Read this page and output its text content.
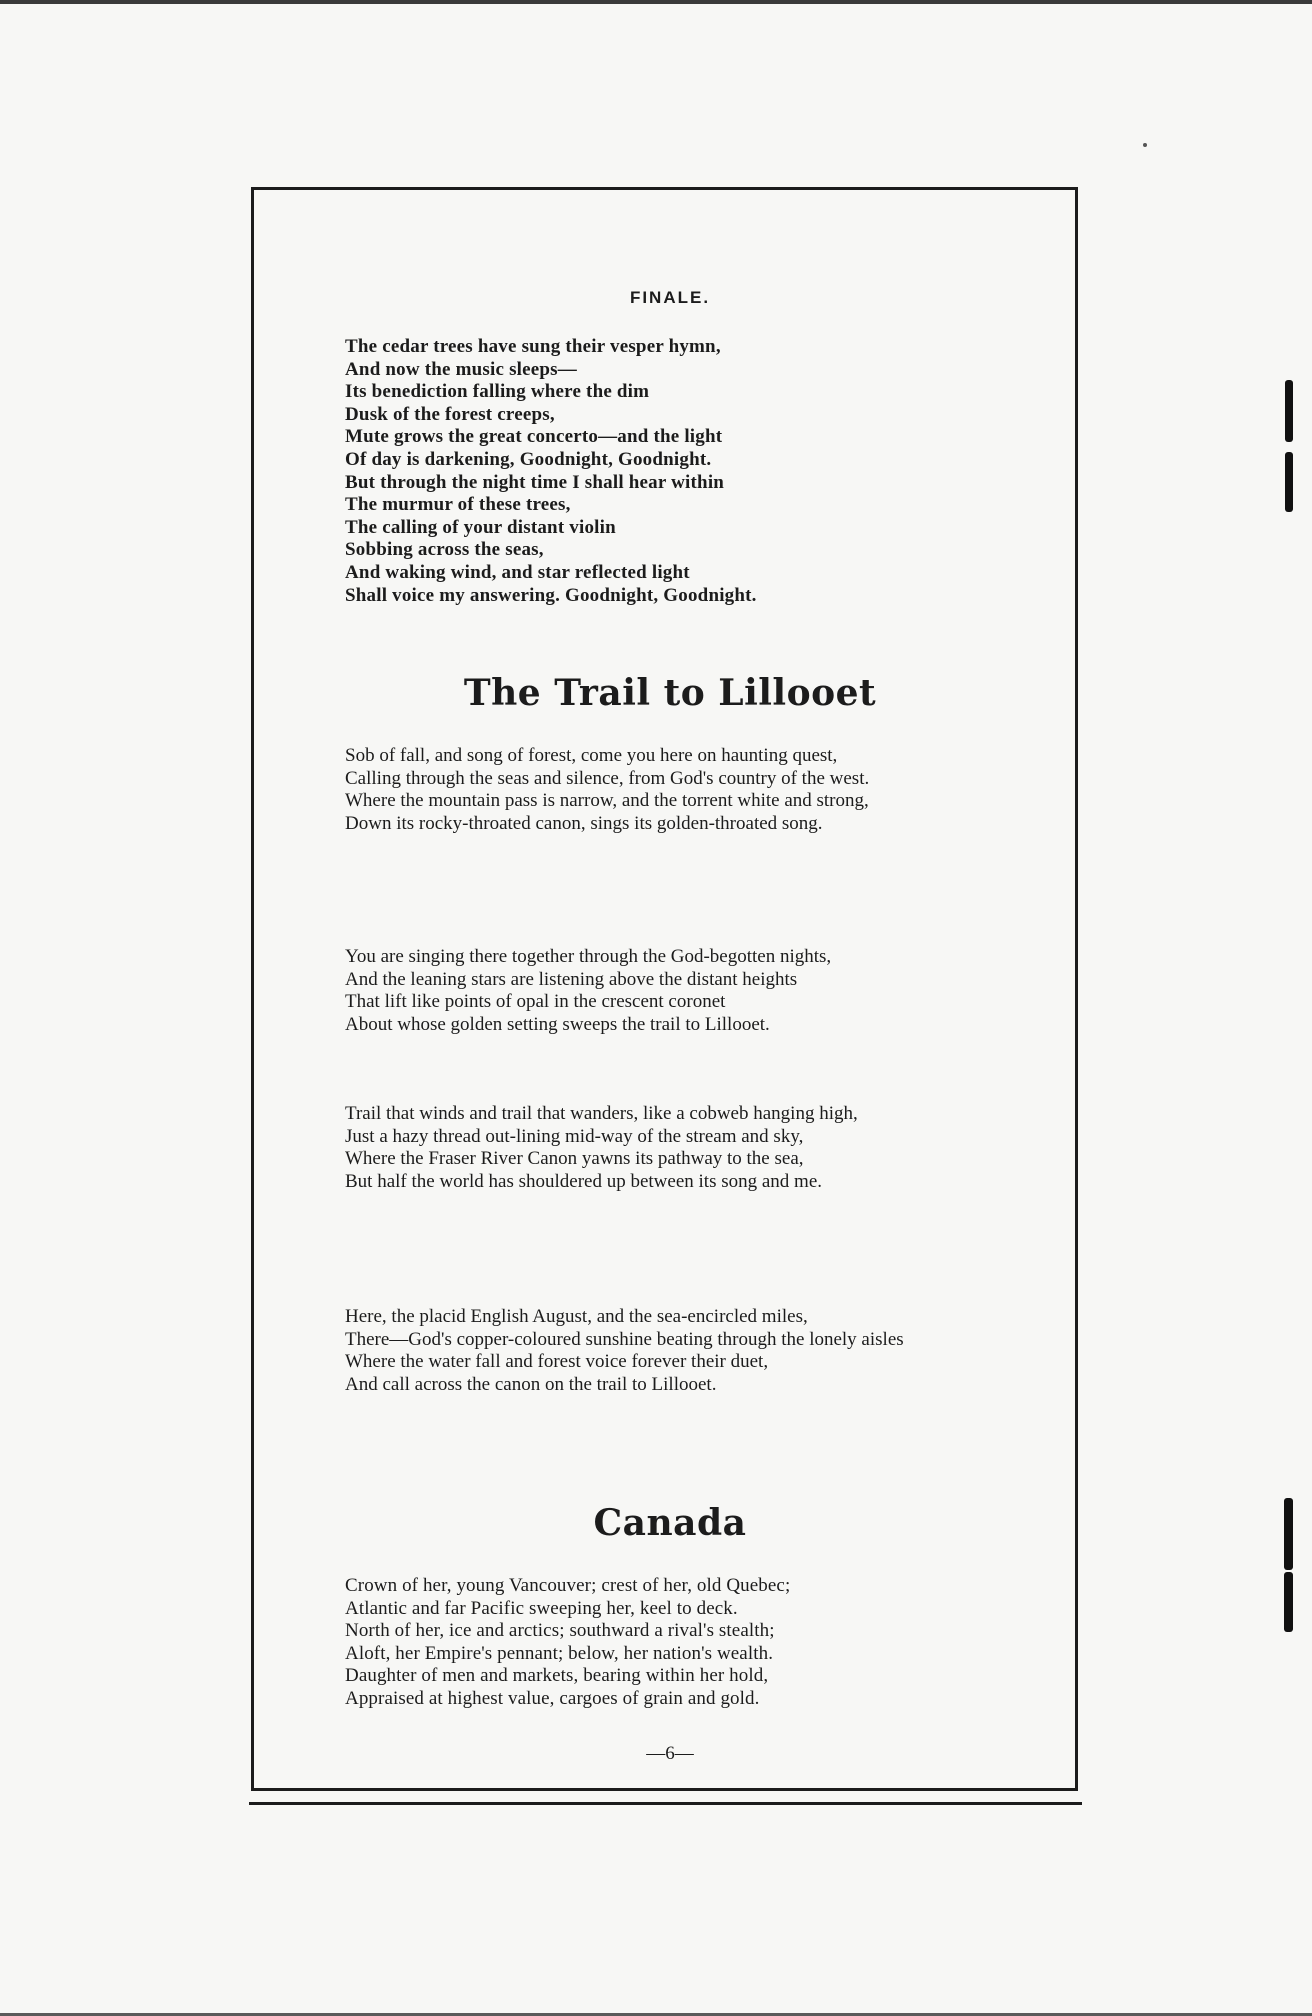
FINALE.
The cedar trees have sung their vesper hymn,
And now the music sleeps—
Its benediction falling where the dim
Dusk of the forest creeps,
Mute grows the great concerto—and the light
Of day is darkening, Goodnight, Goodnight.
But through the night time I shall hear within
The murmur of these trees,
The calling of your distant violin
Sobbing across the seas,
And waking wind, and star reflected light
Shall voice my answering. Goodnight, Goodnight.
The Trail to Lillooet
Sob of fall, and song of forest, come you here on haunting quest,
Calling through the seas and silence, from God's country of the west.
Where the mountain pass is narrow, and the torrent white and strong,
Down its rocky-throated canon, sings its golden-throated song.
You are singing there together through the God-begotten nights,
And the leaning stars are listening above the distant heights
That lift like points of opal in the crescent coronet
About whose golden setting sweeps the trail to Lillooet.
Trail that winds and trail that wanders, like a cobweb hanging high,
Just a hazy thread out-lining mid-way of the stream and sky,
Where the Fraser River Canon yawns its pathway to the sea,
But half the world has shouldered up between its song and me.
Here, the placid English August, and the sea-encircled miles,
There—God's copper-coloured sunshine beating through the lonely aisles
Where the water fall and forest voice forever their duet,
And call across the canon on the trail to Lillooet.
Canada
Crown of her, young Vancouver; crest of her, old Quebec;
Atlantic and far Pacific sweeping her, keel to deck.
North of her, ice and arctics; southward a rival's stealth;
Aloft, her Empire's pennant; below, her nation's wealth.
Daughter of men and markets, bearing within her hold,
Appraised at highest value, cargoes of grain and gold.
—6—
